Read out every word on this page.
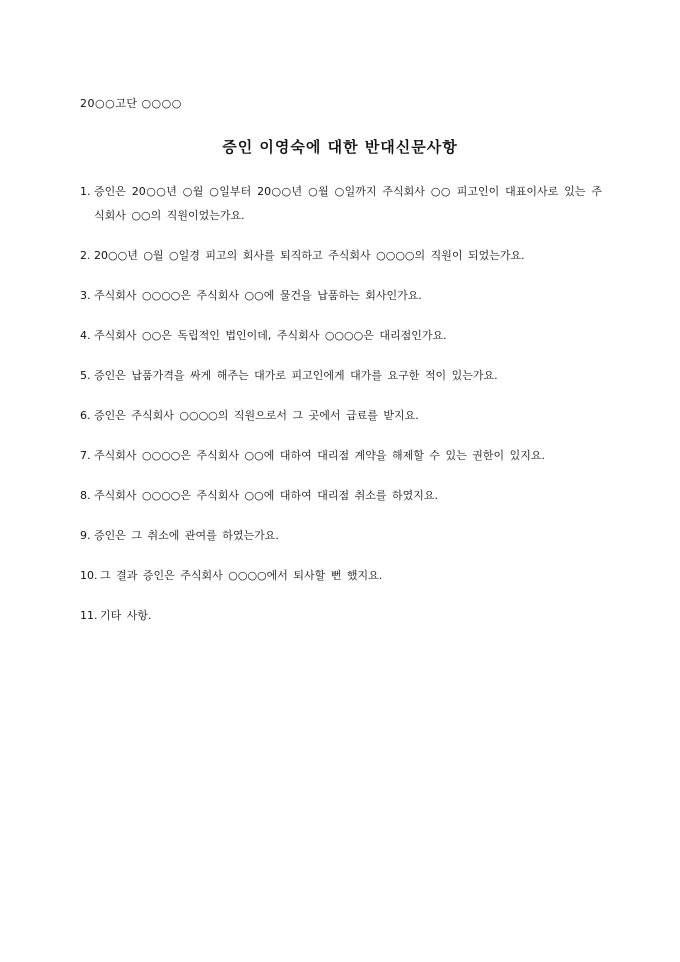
20○○고단 ○○○○
증인 이영숙에 대한 반대신문사항
1. 증인은 20○○년 ○월 ○일부터 20○○년 ○월 ○일까지 주식회사 ○○ 피고인이 대표이사로 있는 주식회사 ○○의 직원이었는가요.
2. 20○○년 ○월 ○일경 피고의 회사를 퇴직하고 주식회사 ○○○○의 직원이 되었는가요.
3. 주식회사 ○○○○은 주식회사 ○○에 물건을 납품하는 회사인가요.
4. 주식회사 ○○은 독립적인 법인이데, 주식회사 ○○○○은 대리점인가요.
5. 증인은 납품가격을 싸게 해주는 대가로 피고인에게 대가를 요구한 적이 있는가요.
6. 증인은 주식회사 ○○○○의 직원으로서 그 곳에서 급료를 받지요.
7. 주식회사 ○○○○은 주식회사 ○○에 대하여 대리점 계약을 해제할 수 있는 권한이 있지요.
8. 주식회사 ○○○○은 주식회사 ○○에 대하여 대리점 취소를 하였지요.
9. 증인은 그 취소에 관여를 하였는가요.
10. 그 결과 증인은 주식회사 ○○○○에서 퇴사할 뻔 했지요.
11. 기타 사항.
